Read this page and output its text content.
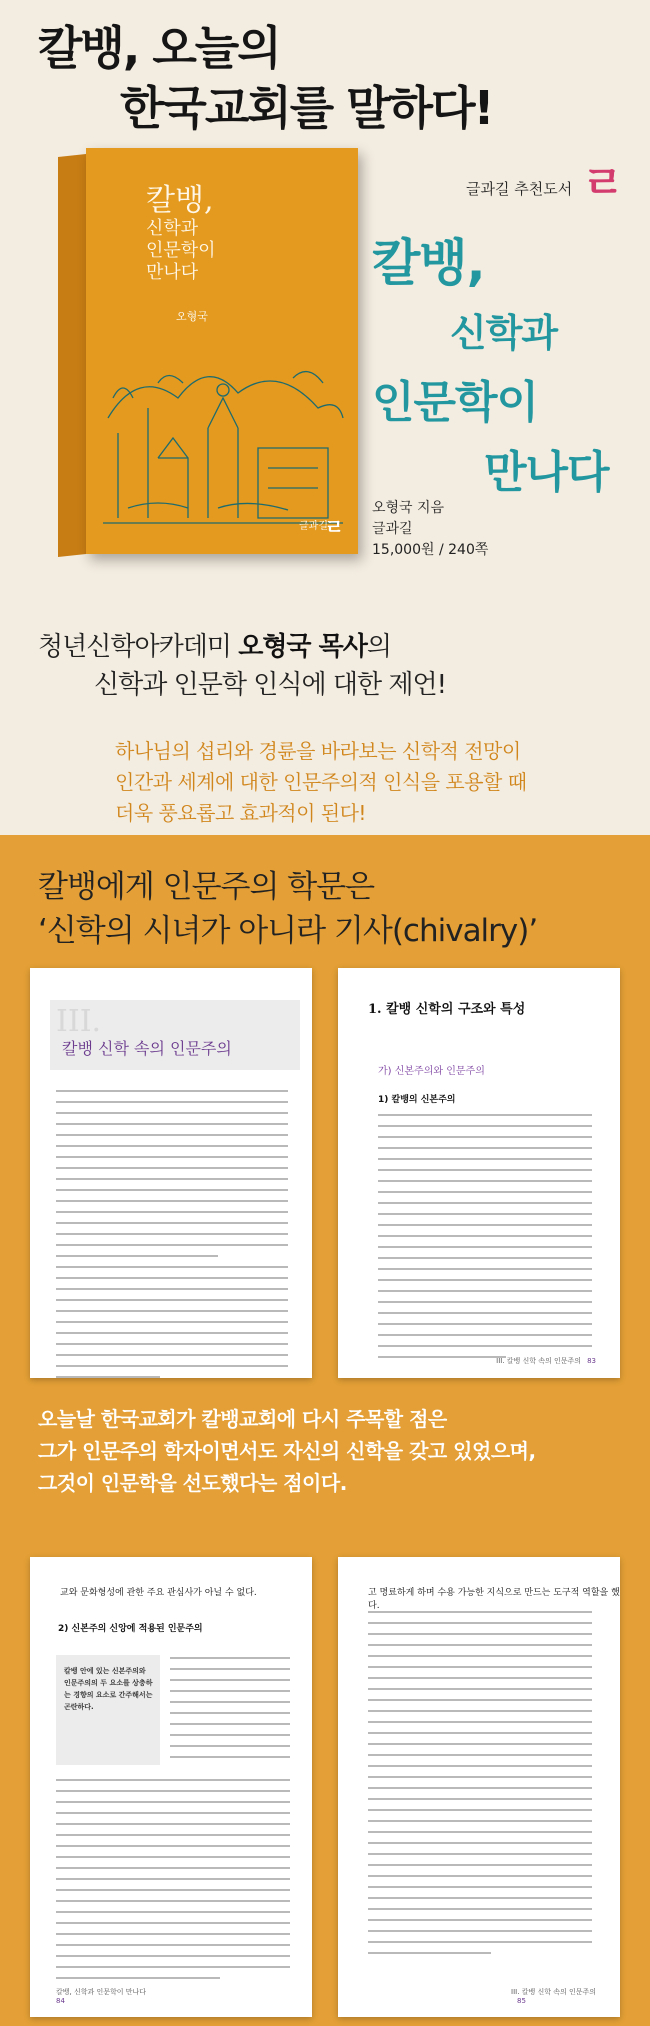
칼뱅, 오늘의

한국교회를 말하다!
칼뱅,
신학과
인문학이
만나다
오형국
글과길
ㄹ
글과길 추천도서 ㄹ
칼뱅,
신학과
인문학이
만나다
오형국 지음
글과길
15,000원 / 240쪽
청년신학아카데미 오형국 목사의
신학과 인문학 인식에 대한 제언!
하나님의 섭리와 경륜을 바라보는 신학적 전망이
인간과 세계에 대한 인문주의적 인식을 포용할 때
더욱 풍요롭고 효과적이 된다!
칼뱅에게 인문주의 학문은
‘신학의 시녀가 아니라 기사(chivalry)’
III.
칼뱅 신학 속의 인문주의
1. 칼뱅 신학의 구조와 특성
가) 신본주의와 인문주의
1) 칼뱅의 신본주의
III. 칼뱅 신학 속의 인문주의 83
오늘날 한국교회가 칼뱅교회에 다시 주목할 점은
그가 인문주의 학자이면서도 자신의 신학을 갖고 있었으며,
그것이 인문학을 선도했다는 점이다.
교와 문화형성에 관한 주요 관심사가 아닐 수 없다.
2) 신본주의 신앙에 적용된 인문주의
칼뱅 안에 있는 신본주의와 인문주의의 두 요소를 상충하는 경향의 요소로 간주해서는 곤란하다.
칼뱅, 신학과 인문학이 만나다
84
고 명료하게 하며 수용 가능한 지식으로 만드는 도구적 역할을 했다.
III. 칼뱅 신학 속의 인문주의
85
